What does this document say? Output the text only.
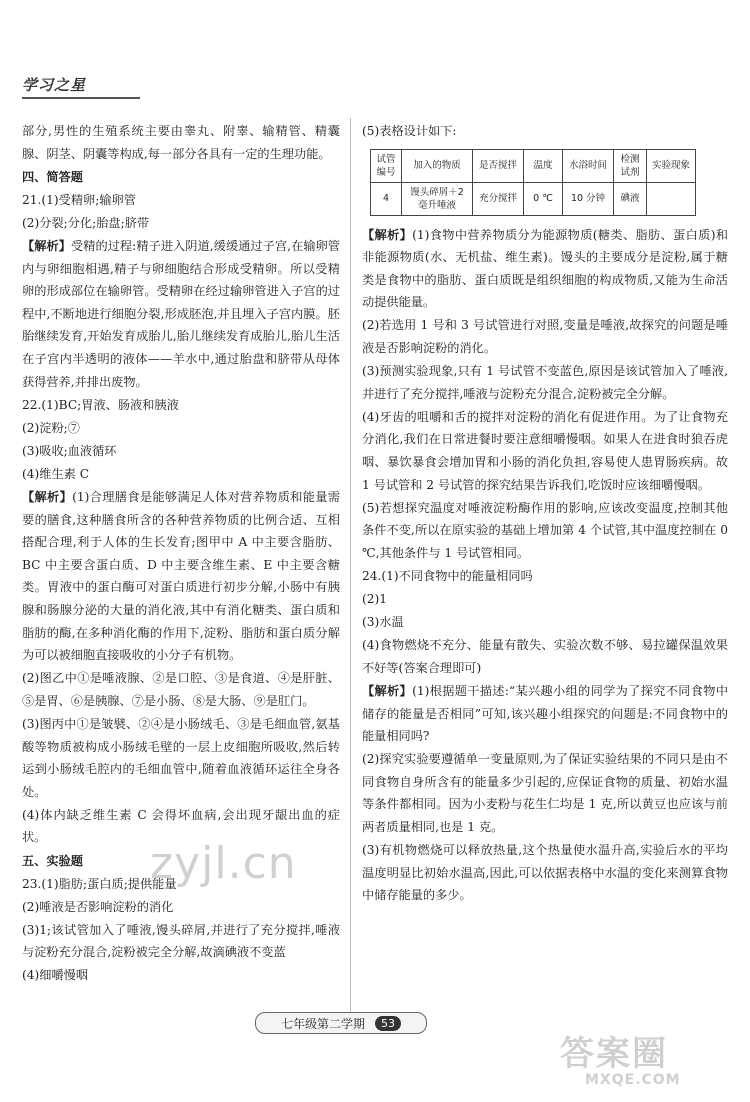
学习之星

部分,男性的生殖系统主要由睾丸、附睾、输精管、精囊腺、阴茎、阴囊等构成,每一部分各具有一定的生理功能。

四、简答题

21.(1)受精卵;输卵管

(2)分裂;分化;胎盘;脐带

【解析】受精的过程:精子进入阴道,缓缓通过子宫,在输卵管内与卵细胞相遇,精子与卵细胞结合形成受精卵。所以受精卵的形成部位在输卵管。受精卵在经过输卵管进入子宫的过程中,不断地进行细胞分裂,形成胚泡,并且埋入子宫内膜。胚胎继续发育,开始发育成胎儿,胎儿继续发育成胎儿,胎儿生活在子宫内半透明的液体——羊水中,通过胎盘和脐带从母体获得营养,并排出废物。

22.(1)BC;胃液、肠液和胰液

(2)淀粉;⑦

(3)吸收;血液循环

(4)维生素 C

【解析】(1)合理膳食是能够满足人体对营养物质和能量需要的膳食,这种膳食所含的各种营养物质的比例合适、互相搭配合理,利于人体的生长发育;图甲中 A 中主要含脂肪、BC 中主要含蛋白质、D 中主要含维生素、E 中主要含糖类。胃液中的蛋白酶可对蛋白质进行初步分解,小肠中有胰腺和肠腺分泌的大量的消化液,其中有消化糖类、蛋白质和脂肪的酶,在多种消化酶的作用下,淀粉、脂肪和蛋白质分解为可以被细胞直接吸收的小分子有机物。

(2)图乙中①是唾液腺、②是口腔、③是食道、④是肝脏、⑤是胃、⑥是胰腺、⑦是小肠、⑧是大肠、⑨是肛门。

(3)图丙中①是皱襞、②④是小肠绒毛、③是毛细血管,氨基酸等物质被构成小肠绒毛壁的一层上皮细胞所吸收,然后转运到小肠绒毛腔内的毛细血管中,随着血液循环运往全身各处。

(4)体内缺乏维生素 C 会得坏血病,会出现牙龈出血的症状。

五、实验题

23.(1)脂肪;蛋白质;提供能量

(2)唾液是否影响淀粉的消化

(3)1;该试管加入了唾液,馒头碎屑,并进行了充分搅拌,唾液与淀粉充分混合,淀粉被完全分解,故滴碘液不变蓝

(4)细嚼慢咽

(5)表格设计如下:

试管编号	加入的物质	是否搅拌	温度	水浴时间	检测试剂	实验现象
4	馒头碎屑＋2毫升唾液	充分搅拌	0 ℃	10 分钟	碘液	

【解析】(1)食物中营养物质分为能源物质(糖类、脂肪、蛋白质)和非能源物质(水、无机盐、维生素)。馒头的主要成分是淀粉,属于糖类是食物中的脂肪、蛋白质既是组织细胞的构成物质,又能为生命活动提供能量。

(2)若选用 1 号和 3 号试管进行对照,变量是唾液,故探究的问题是唾液是否影响淀粉的消化。

(3)预测实验现象,只有 1 号试管不变蓝色,原因是该试管加入了唾液,并进行了充分搅拌,唾液与淀粉充分混合,淀粉被完全分解。

(4)牙齿的咀嚼和舌的搅拌对淀粉的消化有促进作用。为了让食物充分消化,我们在日常进餐时要注意细嚼慢咽。如果人在进食时狼吞虎咽、暴饮暴食会增加胃和小肠的消化负担,容易使人患胃肠疾病。故 1 号试管和 2 号试管的探究结果告诉我们,吃饭时应该细嚼慢咽。

(5)若想探究温度对唾液淀粉酶作用的影响,应该改变温度,控制其他条件不变,所以在原实验的基础上增加第 4 个试管,其中温度控制在 0 ℃,其他条件与 1 号试管相同。

24.(1)不同食物中的能量相同吗

(2)1

(3)水温

(4)食物燃烧不充分、能量有散失、实验次数不够、易拉罐保温效果不好等(答案合理即可)

【解析】(1)根据题干描述:“某兴趣小组的同学为了探究不同食物中储存的能量是否相同”可知,该兴趣小组探究的问题是:不同食物中的能量相同吗?

(2)探究实验要遵循单一变量原则,为了保证实验结果的不同只是由不同食物自身所含有的能量多少引起的,应保证食物的质量、初始水温等条件都相同。因为小麦粉与花生仁均是 1 克,所以黄豆也应该与前两者质量相同,也是 1 克。

(3)有机物燃烧可以释放热量,这个热量使水温升高,实验后水的平均温度明显比初始水温高,因此,可以依据表格中水温的变化来测算食物中储存能量的多少。

zyjl.cn
七年级第二学期	53
答案圈
MXQE.COM
